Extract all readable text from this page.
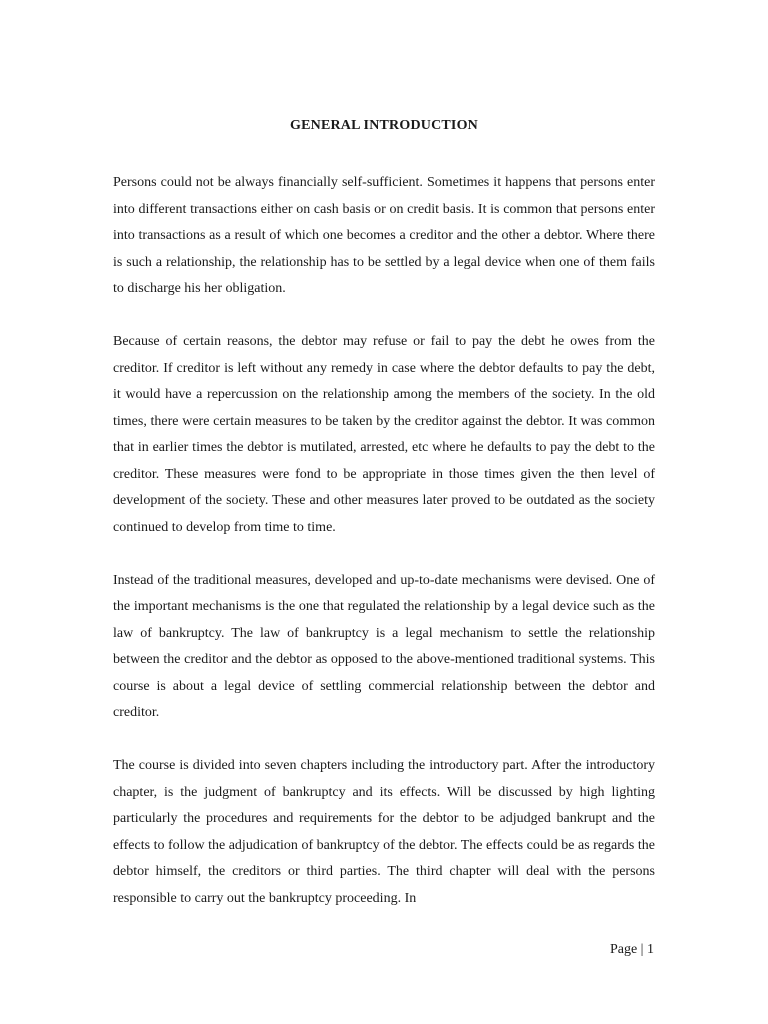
GENERAL INTRODUCTION

Persons could not be always financially self-sufficient. Sometimes it happens that persons enter into different transactions either on cash basis or on credit basis. It is common that persons enter into transactions as a result of which one becomes a creditor and the other a debtor. Where there is such a relationship, the relationship has to be settled by a legal device when one of them fails to discharge his her obligation.

Because of certain reasons, the debtor may refuse or fail to pay the debt he owes from the creditor. If creditor is left without any remedy in case where the debtor defaults to pay the debt, it would have a repercussion on the relationship among the members of the society. In the old times, there were certain measures to be taken by the creditor against the debtor. It was common that in earlier times the debtor is mutilated, arrested, etc where he defaults to pay the debt to the creditor. These measures were fond to be appropriate in those times given the then level of development of the society. These and other measures later proved to be outdated as the society continued to develop from time to time.

Instead of the traditional measures, developed and up-to-date mechanisms were devised. One of the important mechanisms is the one that regulated the relationship by a legal device such as the law of bankruptcy. The law of bankruptcy is a legal mechanism to settle the relationship between the creditor and the debtor as opposed to the above-mentioned traditional systems. This course is about a legal device of settling commercial relationship between the debtor and creditor.

The course is divided into seven chapters including the introductory part. After the introductory chapter, is the judgment of bankruptcy and its effects. Will be discussed by high lighting particularly the procedures and requirements for the debtor to be adjudged bankrupt and the effects to follow the adjudication of bankruptcy of the debtor. The effects could be as regards the debtor himself, the creditors or third parties. The third chapter will deal with the persons responsible to carry out the bankruptcy proceeding. In

Page | 1
